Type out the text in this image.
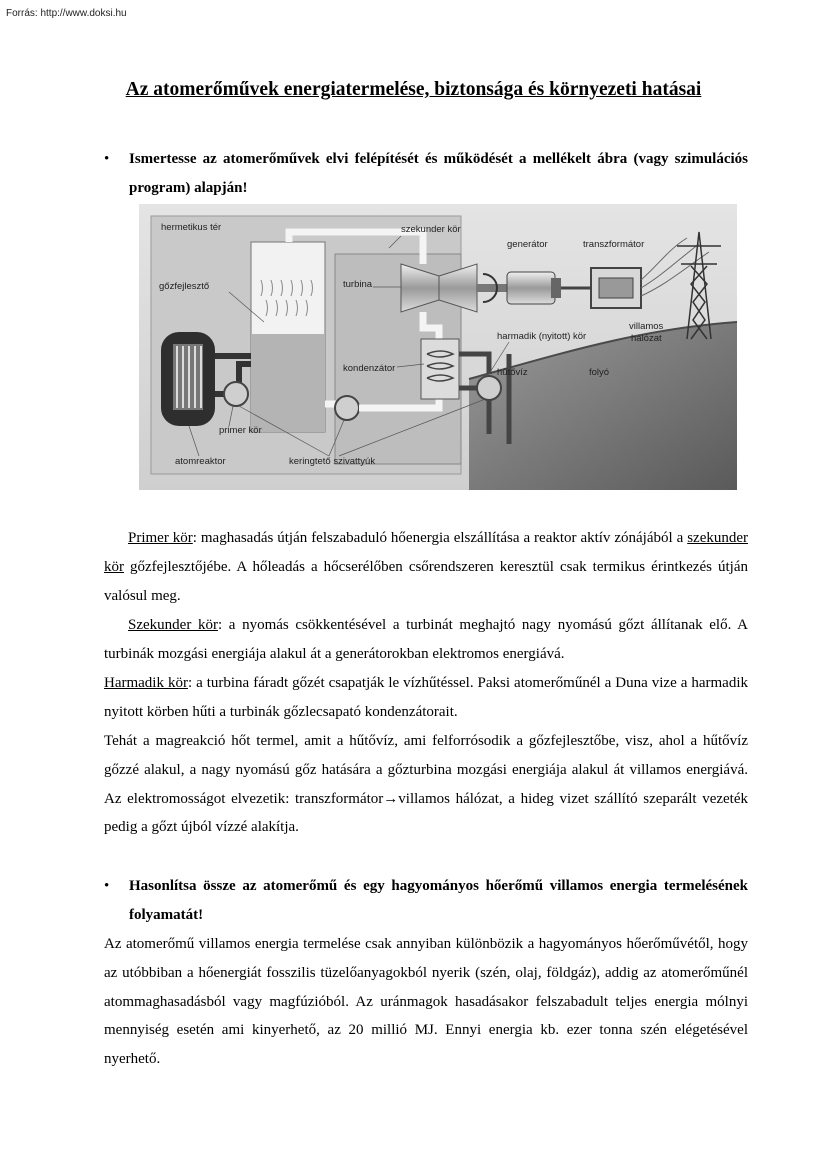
Forrás: http://www.doksi.hu
Az atomerőművek energiatermelése, biztonsága és környezeti hatásai
• Ismertesse az atomerőművek elvi felépítését és működését a mellékelt ábra (vagy szimulációs program) alapján!
hermetikus tér	szekunder kör
generátor	transzformátor
gőzfejlesztő	turbina
harmadik (nyitott) kör
villamos
hálózat
kondenzátor	hűtővíz	folyó
primer kör
atomreaktor	keringtető szivattyúk
Primer kör: maghasadás útján felszabaduló hőenergia elszállítása a reaktor aktív zónájából a szekunder kör gőzfejlesztőjébe. A hőleadás a hőcserélőben csőrendszeren keresztül csak termikus érintkezés útján valósul meg.
Szekunder kör: a nyomás csökkentésével a turbinát meghajtó nagy nyomású gőzt állítanak elő. A turbinák mozgási energiája alakul át a generátorokban elektromos energiává.
Harmadik kör: a turbina fáradt gőzét csapatják le vízhűtéssel. Paksi atomerőműnél a Duna vize a harmadik nyitott körben hűti a turbinák gőzlecsapató kondenzátorait.
Tehát a magreakció hőt termel, amit a hűtővíz, ami felforrósodik a gőzfejlesztőbe, visz, ahol a hűtővíz gőzzé alakul, a nagy nyomású gőz hatására a gőzturbina mozgási energiája alakul át villamos energiává. Az elektromosságot elvezetik: transzformátor→villamos hálózat, a hideg vizet szállító szeparált vezeték pedig a gőzt újból vízzé alakítja.
• Hasonlítsa össze az atomerőmű és egy hagyományos hőerőmű villamos energia termelésének folyamatát!
Az atomerőmű villamos energia termelése csak annyiban különbözik a hagyományos hőerőművétől, hogy az utóbbiban a hőenergiát fosszilis tüzelőanyagokból nyerik (szén, olaj, földgáz), addig az atomerőműnél atommaghasadásból vagy magfúzióból. Az uránmagok hasadásakor felszabadult teljes energia mólnyi mennyiség esetén ami kinyerhető, az 20 millió MJ. Ennyi energia kb. ezer tonna szén elégetésével nyerhető.
